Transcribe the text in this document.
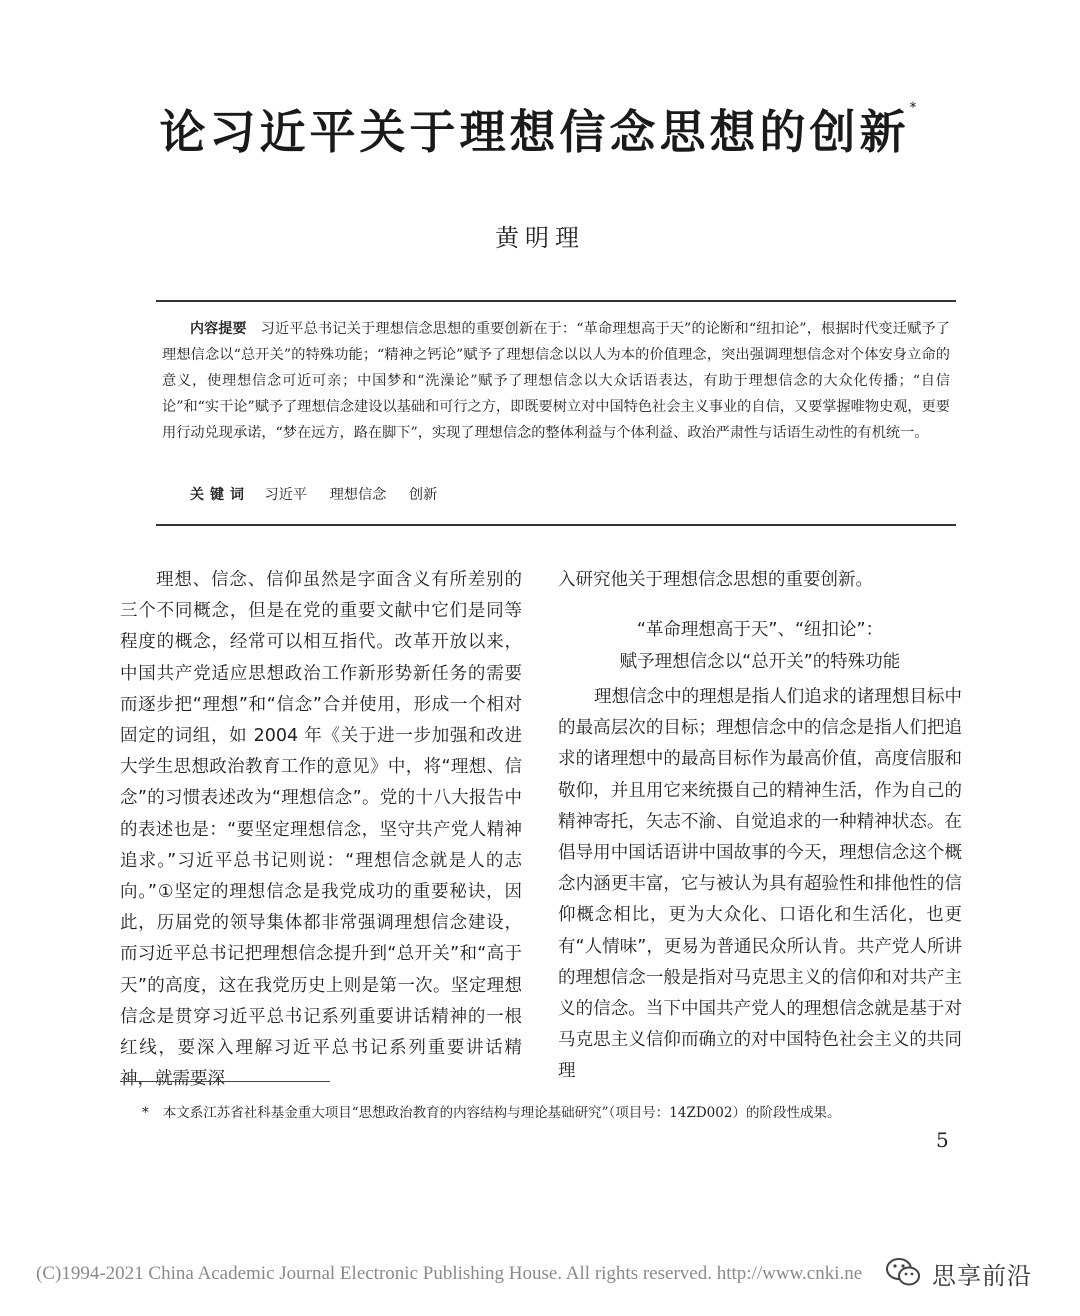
论习近平关于理想信念思想的创新*
黄明理
内容提要 习近平总书记关于理想信念思想的重要创新在于：“革命理想高于天”的论断和“纽扣论”，根据时代变迁赋予了理想信念以“总开关”的特殊功能；“精神之钙论”赋予了理想信念以以人为本的价值理念，突出强调理想信念对个体安身立命的意义，使理想信念可近可亲；中国梦和“洗澡论”赋予了理想信念以大众话语表达，有助于理想信念的大众化传播；“自信论”和“实干论”赋予了理想信念建设以基础和可行之方，即既要树立对中国特色社会主义事业的自信，又要掌握唯物史观，更要用行动兑现承诺，“梦在远方，路在脚下”，实现了理想信念的整体利益与个体利益、政治严肃性与话语生动性的有机统一。
关键词 习近平 理想信念 创新
理想、信念、信仰虽然是字面含义有所差别的三个不同概念，但是在党的重要文献中它们是同等程度的概念，经常可以相互指代。改革开放以来，中国共产党适应思想政治工作新形势新任务的需要而逐步把“理想”和“信念”合并使用，形成一个相对固定的词组，如 2004 年《关于进一步加强和改进大学生思想政治教育工作的意见》中，将“理想、信念”的习惯表述改为“理想信念”。党的十八大报告中的表述也是：“要坚定理想信念，坚守共产党人精神追求。”习近平总书记则说：“理想信念就是人的志向。”①坚定的理想信念是我党成功的重要秘诀，因此，历届党的领导集体都非常强调理想信念建设，而习近平总书记把理想信念提升到“总开关”和“高于天”的高度，这在我党历史上则是第一次。坚定理想信念是贯穿习近平总书记系列重要讲话精神的一根红线，要深入理解习近平总书记系列重要讲话精神，就需要深
入研究他关于理想信念思想的重要创新。
“革命理想高于天”、“纽扣论”：
赋予理想信念以“总开关”的特殊功能
理想信念中的理想是指人们追求的诸理想目标中的最高层次的目标；理想信念中的信念是指人们把追求的诸理想中的最高目标作为最高价值，高度信服和敬仰，并且用它来统摄自己的精神生活，作为自己的精神寄托，矢志不渝、自觉追求的一种精神状态。在倡导用中国话语讲中国故事的今天，理想信念这个概念内涵更丰富，它与被认为具有超验性和排他性的信仰概念相比，更为大众化、口语化和生活化，也更有“人情味”，更易为普通民众所认肯。共产党人所讲的理想信念一般是指对马克思主义的信仰和对共产主义的信念。当下中国共产党人的理想信念就是基于对马克思主义信仰而确立的对中国特色社会主义的共同理
* 本文系江苏省社科基金重大项目“思想政治教育的内容结构与理论基础研究”（项目号：14ZD002）的阶段性成果。
5
(C)1994-2021 China Academic Journal Electronic Publishing House. All rights reserved. http://www.cnki.ne	思享前沿
